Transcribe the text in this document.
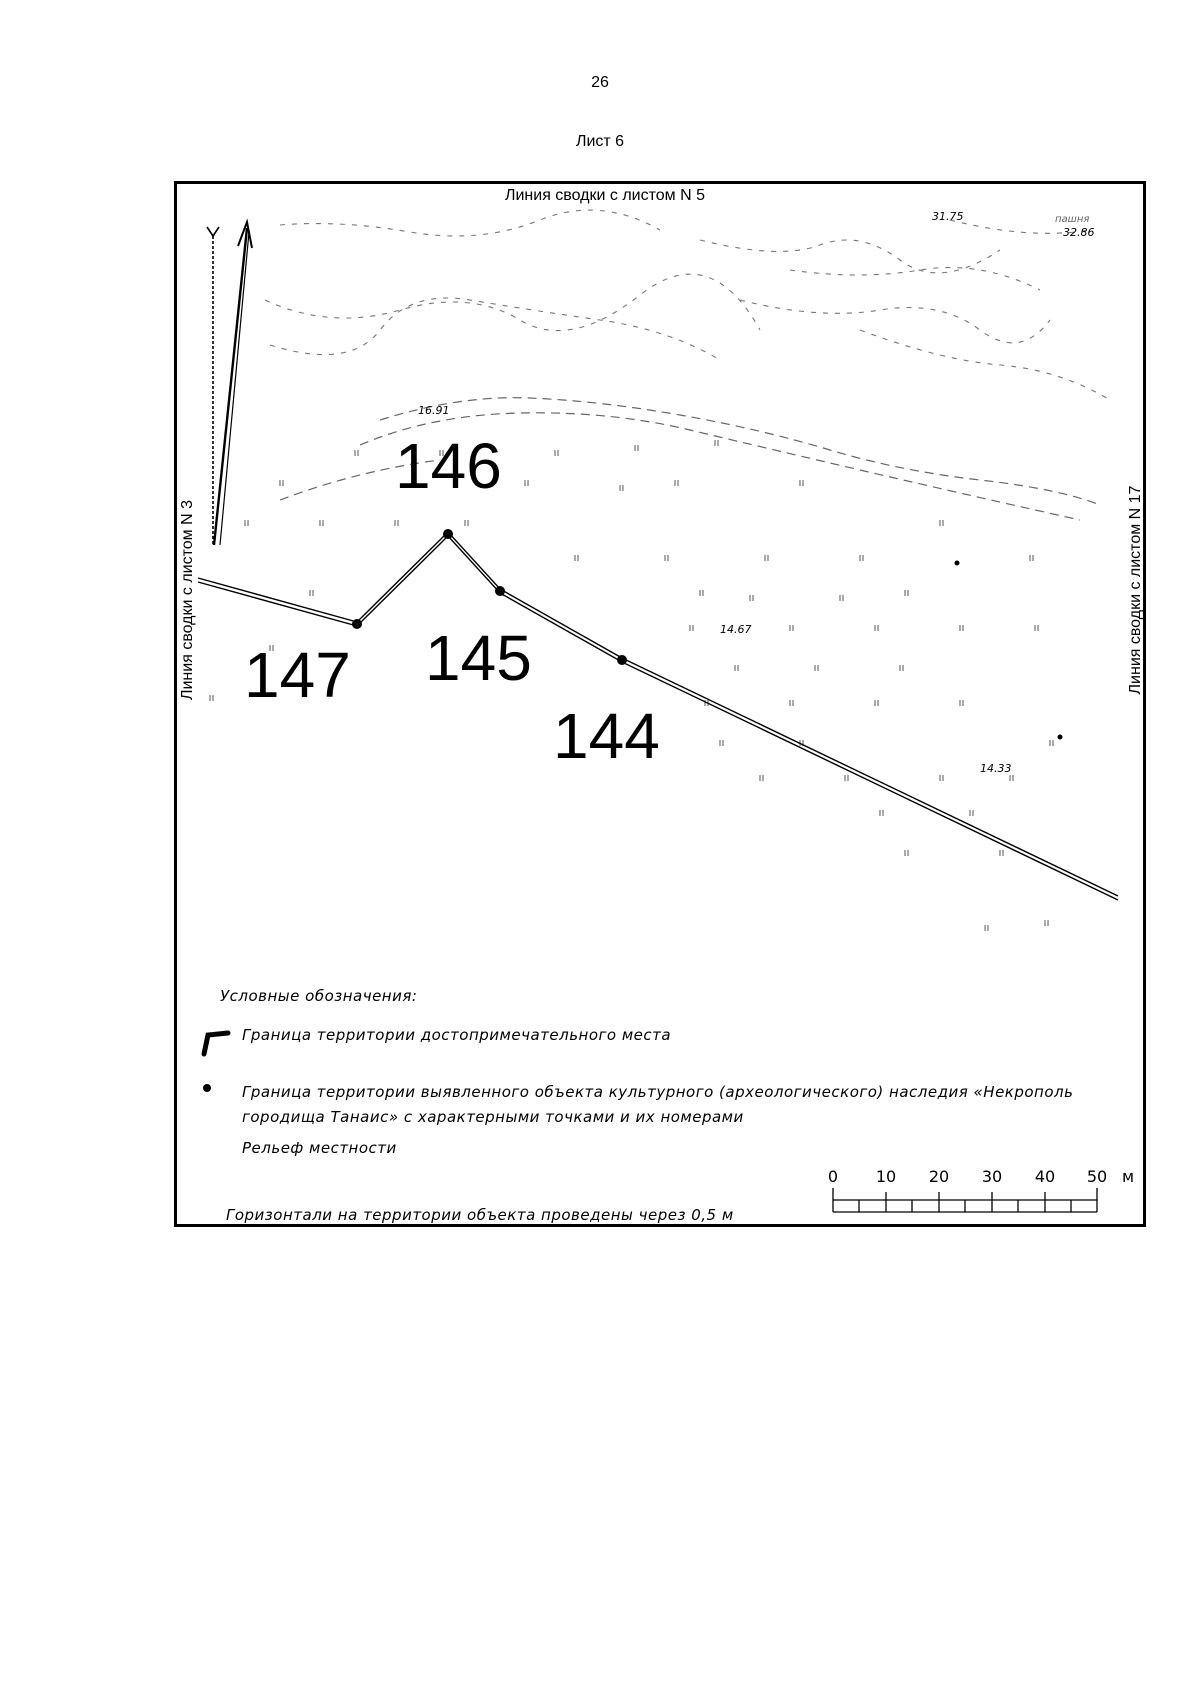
26
Лист 6
Линия сводки с листом N 5
Линия сводки с листом N 3	Линия сводки с листом N 17
31.75
32.86
16.91
14.67
14.33
пашня
146
147 145
144
Условные обозначения:
Граница территории достопримечательного места
Граница территории выявленного объекта культурного (археологического) наследия «Некрополь
городища Танаис» с характерными точками и их номерами
Рельеф местности
Горизонтали на территории объекта проведены через 0,5 м
0 10 20 30 40 50 м
